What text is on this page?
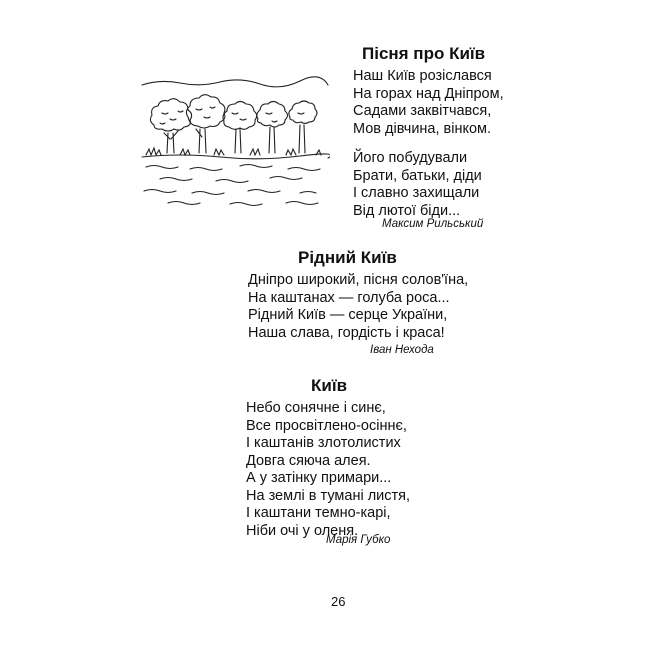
Пісня про Київ
Наш Київ розіслався
На горах над Дніпром,
Садами заквітчався,
Мов дівчина, вінком.
Його побудували
Брати, батьки, діди
І славно захищали
Від лютої біди...
Максим Рильський
Рідний Київ
Дніпро широкий, пісня солов'їна,
На каштанах — голуба роса...
Рідний Київ — серце України,
Наша слава, гордість і краса!
Іван Нехода
Київ
Небо сонячне і синє,
Все просвітлено-осіннє,
І каштанів злотолистих
Довга сяюча алея.
А у затінку примари...
На землі в тумані листя,
І каштани темно-карі,
Ніби очі у оленя.
Марія Губко
26
